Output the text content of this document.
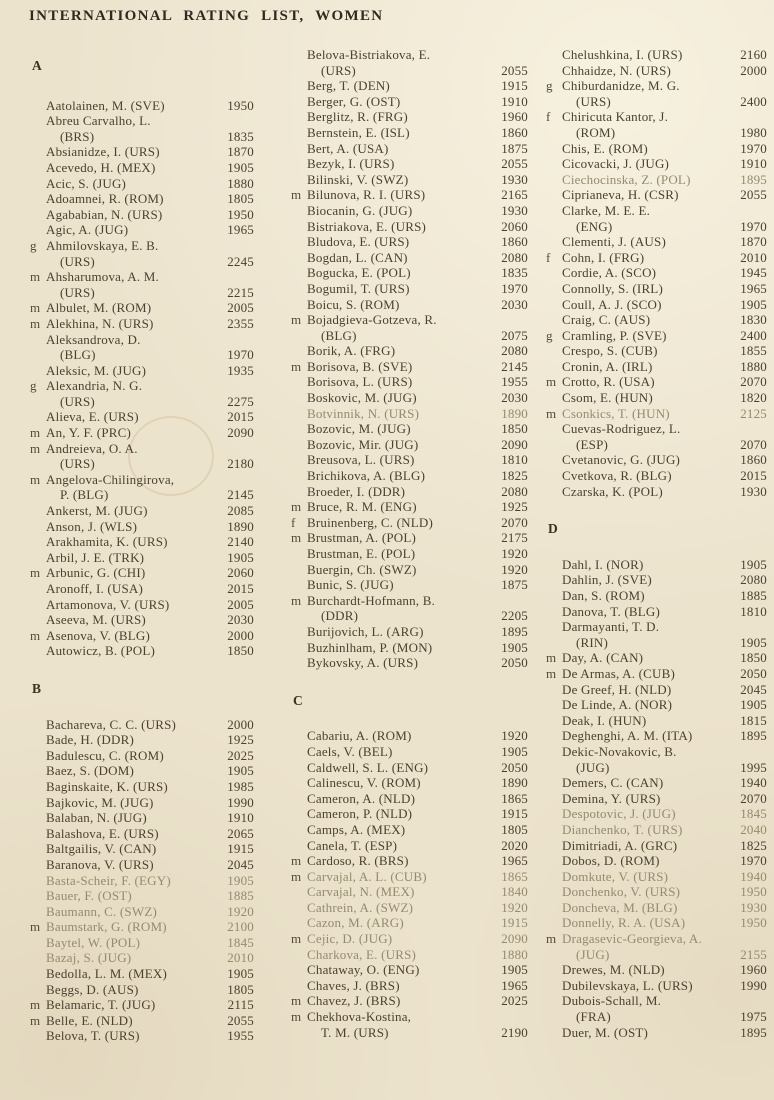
INTERNATIONAL RATING LIST, WOMEN
A
Aatolainen, M. (SVE)	1950
Abreu Carvalho, L.
(BRS)	1835
Absianidze, I. (URS)	1870
Acevedo, H. (MEX)	1905
Acic, S. (JUG)	1880
Adoamnei, R. (ROM)	1805
Agababian, N. (URS)	1950
Agic, A. (JUG)	1965
g Ahmilovskaya, E. B.
(URS)	2245
m Ahsharumova, A. M.
(URS)	2215
m Albulet, M. (ROM)	2005
m Alekhina, N. (URS)	2355
Aleksandrova, D.
(BLG)	1970
Aleksic, M. (JUG)	1935
g Alexandria, N. G.
(URS)	2275
Alieva, E. (URS)	2015
m An, Y. F. (PRC)	2090
m Andreieva, O. A.
(URS)	2180
m Angelova-Chilingirova,
P. (BLG)	2145
Ankerst, M. (JUG)	2085
Anson, J. (WLS)	1890
Arakhamita, K. (URS)	2140
Arbil, J. E. (TRK)	1905
m Arbunic, G. (CHI)	2060
Aronoff, I. (USA)	2015
Artamonova, V. (URS)	2005
Aseeva, M. (URS)	2030
m Asenova, V. (BLG)	2000
Autowicz, B. (POL)	1850
B
Bachareva, C. C. (URS)	2000
Bade, H. (DDR)	1925
Badulescu, C. (ROM)	2025
Baez, S. (DOM)	1905
Baginskaite, K. (URS)	1985
Bajkovic, M. (JUG)	1990
Balaban, N. (JUG)	1910
Balashova, E. (URS)	2065
Baltgailis, V. (CAN)	1915
Baranova, V. (URS)	2045
Basta-Scheir, F. (EGY)	1905
Bauer, F. (OST)	1885
Baumann, C. (SWZ)	1920
m Baumstark, G. (ROM)	2100
Baytel, W. (POL)	1845
Bazaj, S. (JUG)	2010
Bedolla, L. M. (MEX)	1905
Beggs, D. (AUS)	1805
m Belamaric, T. (JUG)	2115
m Belle, E. (NLD)	2055
Belova, T. (URS)	1955
Belova-Bistriakova, E.
(URS)	2055
Berg, T. (DEN)	1915
Berger, G. (OST)	1910
Berglitz, R. (FRG)	1960
Bernstein, E. (ISL)	1860
Bert, A. (USA)	1875
Bezyk, I. (URS)	2055
Bilinski, V. (SWZ)	1930
m Bilunova, R. I. (URS)	2165
Biocanin, G. (JUG)	1930
Bistriakova, E. (URS)	2060
Bludova, E. (URS)	1860
Bogdan, L. (CAN)	2080
Bogucka, E. (POL)	1835
Bogumil, T. (URS)	1970
Boicu, S. (ROM)	2030
m Bojadgieva-Gotzeva, R.
(BLG)	2075
Borik, A. (FRG)	2080
m Borisova, B. (SVE)	2145
Borisova, L. (URS)	1955
Boskovic, M. (JUG)	2030
Botvinnik, N. (URS)	1890
Bozovic, M. (JUG)	1850
Bozovic, Mir. (JUG)	2090
Breusova, L. (URS)	1810
Brichikova, A. (BLG)	1825
Broeder, I. (DDR)	2080
m Bruce, R. M. (ENG)	1925
f Bruinenberg, C. (NLD)	2070
m Brustman, A. (POL)	2175
Brustman, E. (POL)	1920
Buergin, Ch. (SWZ)	1920
Bunic, S. (JUG)	1875
m Burchardt-Hofmann, B.
(DDR)	2205
Burijovich, L. (ARG)	1895
Buzhinlham, P. (MON)	1905
Bykovsky, A. (URS)	2050
C
Cabariu, A. (ROM)	1920
Caels, V. (BEL)	1905
Caldwell, S. L. (ENG)	2050
Calinescu, V. (ROM)	1890
Cameron, A. (NLD)	1865
Cameron, P. (NLD)	1915
Camps, A. (MEX)	1805
Canela, T. (ESP)	2020
m Cardoso, R. (BRS)	1965
m Carvajal, A. L. (CUB)	1865
Carvajal, N. (MEX)	1840
Cathrein, A. (SWZ)	1920
Cazon, M. (ARG)	1915
m Cejic, D. (JUG)	2090
Charkova, E. (URS)	1880
Chataway, O. (ENG)	1905
Chaves, J. (BRS)	1965
m Chavez, J. (BRS)	2025
m Chekhova-Kostina,
T. M. (URS)	2190
Chelushkina, I. (URS)	2160
Chhaidze, N. (URS)	2000
g Chiburdanidze, M. G.
(URS)	2400
f Chiricuta Kantor, J.
(ROM)	1980
Chis, E. (ROM)	1970
Cicovacki, J. (JUG)	1910
Ciechocinska, Z. (POL)	1895
Ciprianeva, H. (CSR)	2055
Clarke, M. E. E.
(ENG)	1970
Clementi, J. (AUS)	1870
f Cohn, I. (FRG)	2010
Cordie, A. (SCO)	1945
Connolly, S. (IRL)	1965
Coull, A. J. (SCO)	1905
Craig, C. (AUS)	1830
g Cramling, P. (SVE)	2400
Crespo, S. (CUB)	1855
Cronin, A. (IRL)	1880
m Crotto, R. (USA)	2070
Csom, E. (HUN)	1820
m Csonkics, T. (HUN)	2125
Cuevas-Rodriguez, L.
(ESP)	2070
Cvetanovic, G. (JUG)	1860
Cvetkova, R. (BLG)	2015
Czarska, K. (POL)	1930
D
Dahl, I. (NOR)	1905
Dahlin, J. (SVE)	2080
Dan, S. (ROM)	1885
Danova, T. (BLG)	1810
Darmayanti, T. D.
(RIN)	1905
m Day, A. (CAN)	1850
m De Armas, A. (CUB)	2050
De Greef, H. (NLD)	2045
De Linde, A. (NOR)	1905
Deak, I. (HUN)	1815
Deghenghi, A. M. (ITA)	1895
Dekic-Novakovic, B.
(JUG)	1995
Demers, C. (CAN)	1940
Demina, Y. (URS)	2070
Despotovic, J. (JUG)	1845
Dianchenko, T. (URS)	2040
Dimitriadi, A. (GRC)	1825
Dobos, D. (ROM)	1970
Domkute, V. (URS)	1940
Donchenko, V. (URS)	1950
Doncheva, M. (BLG)	1930
Donnelly, R. A. (USA)	1950
m Dragasevic-Georgieva, A.
(JUG)	2155
Drewes, M. (NLD)	1960
Dubilevskaya, L. (URS)	1990
Dubois-Schall, M.
(FRA)	1975
Duer, M. (OST)	1895
